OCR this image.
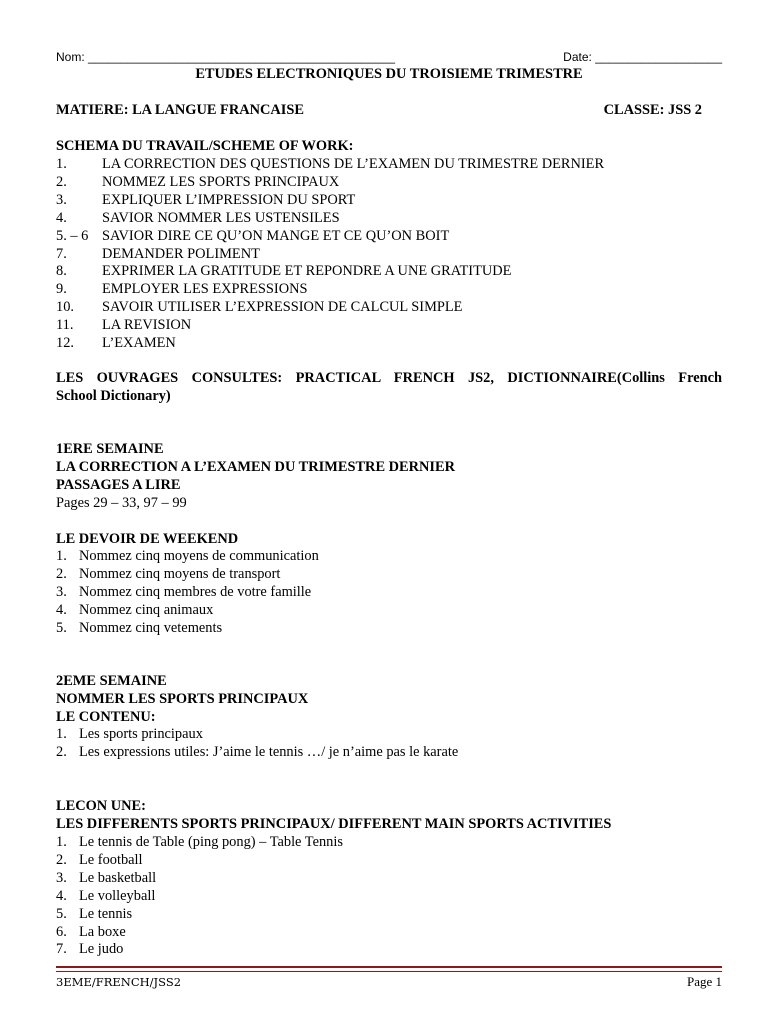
Nom: ______________________________________________	Date: ___________________
ETUDES ELECTRONIQUES DU TROISIEME TRIMESTRE
MATIERE: LA LANGUE FRANCAISE	CLASSE: JSS 2
SCHEMA DU TRAVAIL/SCHEME OF WORK:
1. LA CORRECTION DES QUESTIONS DE L’EXAMEN DU TRIMESTRE DERNIER
2. NOMMEZ LES SPORTS PRINCIPAUX
3. EXPLIQUER L’IMPRESSION DU SPORT
4. SAVIOR NOMMER LES USTENSILES
5. – 6 SAVIOR DIRE CE QU’ON MANGE ET CE QU’ON BOIT
7. DEMANDER POLIMENT
8. EXPRIMER LA GRATITUDE ET REPONDRE A UNE GRATITUDE
9. EMPLOYER LES EXPRESSIONS
10. SAVOIR UTILISER L’EXPRESSION DE CALCUL SIMPLE
11. LA REVISION
12. L’EXAMEN
LES OUVRAGES CONSULTES: PRACTICAL FRENCH JS2, DICTIONNAIRE(Collins French
School Dictionary)
1ERE SEMAINE
LA CORRECTION A L’EXAMEN DU TRIMESTRE DERNIER
PASSAGES A LIRE
Pages 29 – 33, 97 – 99
LE DEVOIR DE WEEKEND
1. Nommez cinq moyens de communication
2. Nommez cinq moyens de transport
3. Nommez cinq membres de votre famille
4. Nommez cinq animaux
5. Nommez cinq vetements
2EME SEMAINE
NOMMER LES SPORTS PRINCIPAUX
LE CONTENU:
1. Les sports principaux
2. Les expressions utiles: J’aime le tennis …/ je n’aime pas le karate
LECON UNE:
LES DIFFERENTS SPORTS PRINCIPAUX/ DIFFERENT MAIN SPORTS ACTIVITIES
1. Le tennis de Table (ping pong) – Table Tennis
2. Le football
3. Le basketball
4. Le volleyball
5. Le tennis
6. La boxe
7. Le judo
3EME/FRENCH/JSS2	Page 1
